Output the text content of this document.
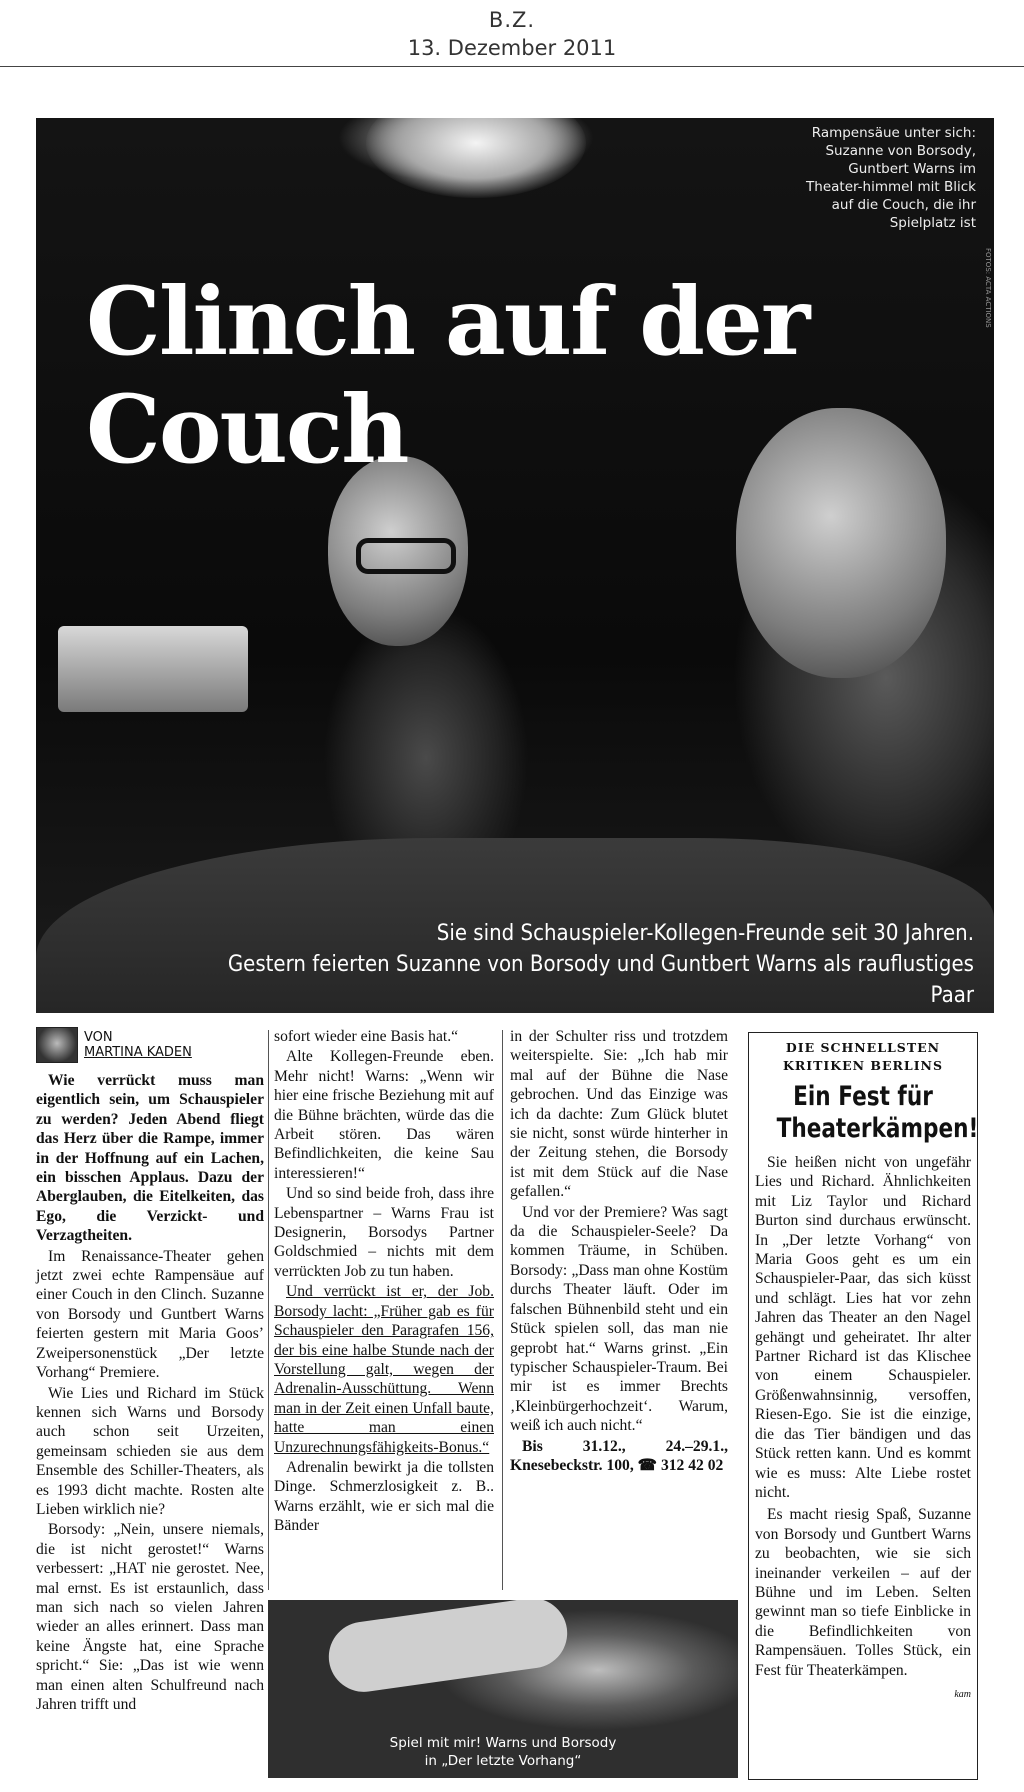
B.Z.
13. Dezember 2011
Clinch auf der Couch
Rampensäue unter sich: Suzanne von Borsody, Guntbert Warns im Theater-himmel mit Blick auf die Couch, die ihr Spielplatz ist
FOTOS: ACTA ACTIONS
Sie sind Schauspieler-Kollegen-Freunde seit 30 Jahren.
Gestern feierten Suzanne von Borsody und Guntbert Warns als rauflustiges Paar
VON
MARTINA KADEN

Wie verrückt muss man eigentlich sein, um Schauspieler zu werden? Jeden Abend fliegt das Herz über die Rampe, immer in der Hoffnung auf ein Lachen, ein bisschen Applaus. Dazu der Aberglauben, die Eitelkeiten, das Ego, die Verzickt- und Verzagtheiten.

Im Renaissance-Theater gehen jetzt zwei echte Rampensäue auf einer Couch in den Clinch. Suzanne von Borsody und Guntbert Warns feierten gestern mit Maria Goos’ Zweipersonenstück „Der letzte Vorhang“ Premiere.

Wie Lies und Richard im Stück kennen sich Warns und Borsody auch schon seit Urzeiten, gemeinsam schieden sie aus dem Ensemble des Schiller-Theaters, als es 1993 dicht machte. Rosten alte Lieben wirklich nie?

Borsody: „Nein, unsere niemals, die ist nicht gerostet!“ Warns verbessert: „HAT nie gerostet. Nee, mal ernst. Es ist erstaunlich, dass man sich nach so vielen Jahren wieder an alles erinnert. Dass man keine Ängste hat, eine Sprache spricht.“ Sie: „Das ist wie wenn man einen alten Schulfreund nach Jahren trifft und

sofort wieder eine Basis hat.“

Alte Kollegen-Freunde eben. Mehr nicht! Warns: „Wenn wir hier eine frische Beziehung mit auf die Bühne brächten, würde das die Arbeit stören. Das wären Befindlichkeiten, die keine Sau interessieren!“

Und so sind beide froh, dass ihre Lebenspartner – Warns Frau ist Designerin, Borsodys Partner Goldschmied – nichts mit dem verrückten Job zu tun haben.

Und verrückt ist er, der Job. Borsody lacht: „Früher gab es für Schauspieler den Paragrafen 156, der bis eine halbe Stunde nach der Vorstellung galt, wegen der Adrenalin-Ausschüttung. Wenn man in der Zeit einen Unfall baute, hatte man einen Unzurechnungsfähigkeits-Bonus.“

Adrenalin bewirkt ja die tollsten Dinge. Schmerzlosigkeit z. B.. Warns erzählt, wie er sich mal die Bänder

in der Schulter riss und trotzdem weiterspielte. Sie: „Ich hab mir mal auf der Bühne die Nase gebrochen. Und das Einzige was ich da dachte: Zum Glück blutet sie nicht, sonst würde hinterher in der Zeitung stehen, die Borsody ist mit dem Stück auf die Nase gefallen.“

Und vor der Premiere? Was sagt da die Schauspieler-Seele? Da kommen Träume, in Schüben. Borsody: „Dass man ohne Kostüm durchs Theater läuft. Oder im falschen Bühnenbild steht und ein Stück spielen soll, das man nie geprobt hat.“ Warns grinst. „Ein typischer Schauspieler-Traum. Bei mir ist es immer Brechts ‚Kleinbürgerhochzeit‘. Warum, weiß ich auch nicht.“

Bis 31.12., 24.–29.1., Knesebeckstr. 100, ☎ 312 42 02

Spiel mit mir! Warns und Borsody
in „Der letzte Vorhang“
DIE SCHNELLSTEN
KRITIKEN BERLINS
Ein Fest für Theaterkämpen!

Sie heißen nicht von ungefähr Lies und Richard. Ähnlichkeiten mit Liz Taylor und Richard Burton sind durchaus erwünscht. In „Der letzte Vorhang“ von Maria Goos geht es um ein Schauspieler-Paar, das sich küsst und schlägt. Lies hat vor zehn Jahren das Theater an den Nagel gehängt und geheiratet. Ihr alter Partner Richard ist das Klischee von einem Schauspieler. Größenwahnsinnig, versoffen, Riesen-Ego. Sie ist die einzige, die das Tier bändigen und das Stück retten kann. Und es kommt wie es muss: Alte Liebe rostet nicht.

Es macht riesig Spaß, Suzanne von Borsody und Guntbert Warns zu beobachten, wie sie sich ineinander verkeilen – auf der Bühne und im Leben. Selten gewinnt man so tiefe Einblicke in die Befindlichkeiten von Rampensäuen. Tolles Stück, ein Fest für Theaterkämpen.

kam
